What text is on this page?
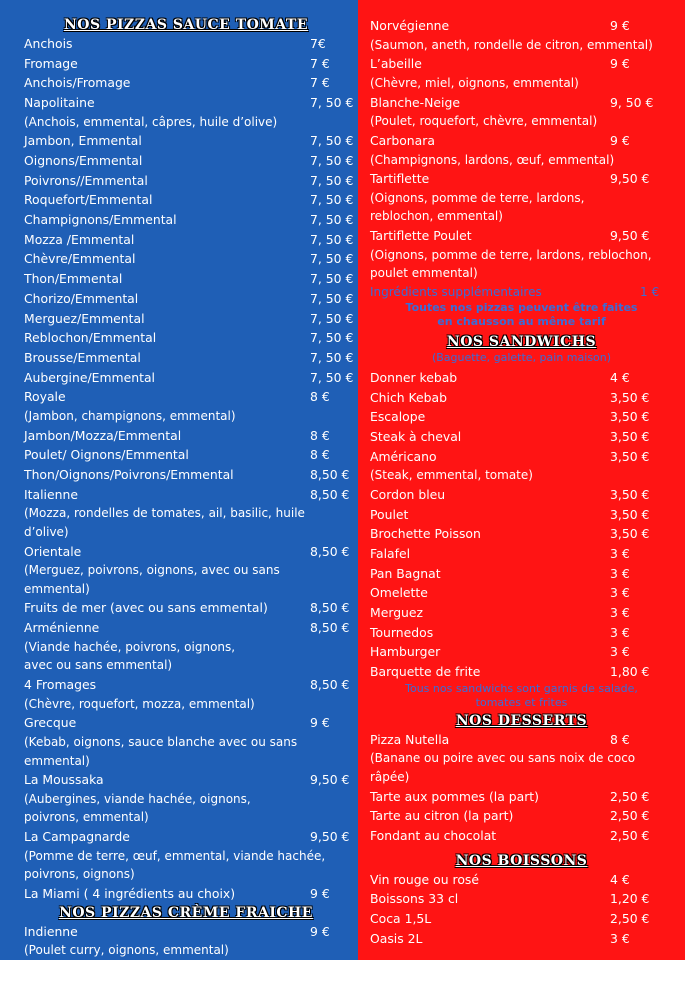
NOS PIZZAS SAUCE TOMATE
Anchois	7€
Fromage	7 €
Anchois/Fromage	7 €
Napolitaine	7, 50 €
(Anchois, emmental, câpres, huile d’olive)
Jambon, Emmental	7, 50 €
Oignons/Emmental	7, 50 €
Poivrons//Emmental	7, 50 €
Roquefort/Emmental	7, 50 €
Champignons/Emmental	7, 50 €
Mozza /Emmental	7, 50 €
Chèvre/Emmental	7, 50 €
Thon/Emmental	7, 50 €
Chorizo/Emmental	7, 50 €
Merguez/Emmental	7, 50 €
Reblochon/Emmental	7, 50 €
Brousse/Emmental	7, 50 €
Aubergine/Emmental	7, 50 €
Royale	8 €
(Jambon, champignons, emmental)
Jambon/Mozza/Emmental	8 €
Poulet/ Oignons/Emmental	8 €
Thon/Oignons/Poivrons/Emmental	8,50 €
Italienne	8,50 €
(Mozza, rondelles de tomates, ail, basilic, huile d’olive)
Orientale	8,50 €
(Merguez, poivrons, oignons, avec ou sans emmental)
Fruits de mer (avec ou sans emmental)	8,50 €
Arménienne	8,50 €
(Viande hachée, poivrons, oignons,
avec ou sans emmental)
4 Fromages	8,50 €
(Chèvre, roquefort, mozza, emmental)
Grecque	9 €
(Kebab, oignons, sauce blanche avec ou sans emmental)
La Moussaka	9,50 €
(Aubergines, viande hachée, oignons,
poivrons, emmental)
La Campagnarde	9,50 €
(Pomme de terre, œuf, emmental, viande hachée,
poivrons, oignons)
La Miami ( 4 ingrédients au choix)	9 €
NOS PIZZAS CRÈME FRAICHE
Indienne	9 €
(Poulet curry, oignons, emmental)
Crémière	9,50
(Jambon, champignons, mozza, emmental)
Norvégienne	9 €
(Saumon, aneth, rondelle de citron, emmental)
L’abeille	9 €
(Chèvre, miel, oignons, emmental)
Blanche-Neige	9, 50 €
(Poulet, roquefort, chèvre, emmental)
Carbonara	9 €
(Champignons, lardons, œuf, emmental)
Tartiflette	9,50 €
(Oignons, pomme de terre, lardons,
reblochon, emmental)
Tartiflette Poulet	9,50 €
(Oignons, pomme de terre, lardons, reblochon,
poulet emmental)
Ingrédients supplémentaires	1 €
Toutes nos pizzas peuvent être faites
en chausson au même tarif
NOS SANDWICHS
(Baguette, galette, pain maison)
Donner kebab	4 €
Chich Kebab	3,50 €
Escalope	3,50 €
Steak à cheval	3,50 €
Américano	3,50 €
(Steak, emmental, tomate)
Cordon bleu	3,50 €
Poulet	3,50 €
Brochette Poisson	3,50 €
Falafel	3 €
Pan Bagnat	3 €
Omelette	3 €
Merguez	3 €
Tournedos	3 €
Hamburger	3 €
Barquette de frite	1,80 €
Tous nos sandwichs sont garnis de salade,
tomates et frites
NOS DESSERTS
Pizza Nutella	8 €
(Banane ou poire avec ou sans noix de coco râpée)
Tarte aux pommes (la part)	2,50 €
Tarte au citron (la part)	2,50 €
Fondant au chocolat	2,50 €
NOS BOISSONS
Vin rouge ou rosé	4 €
Boissons 33 cl	1,20 €
Coca 1,5L	2,50 €
Oasis 2L	3 €
